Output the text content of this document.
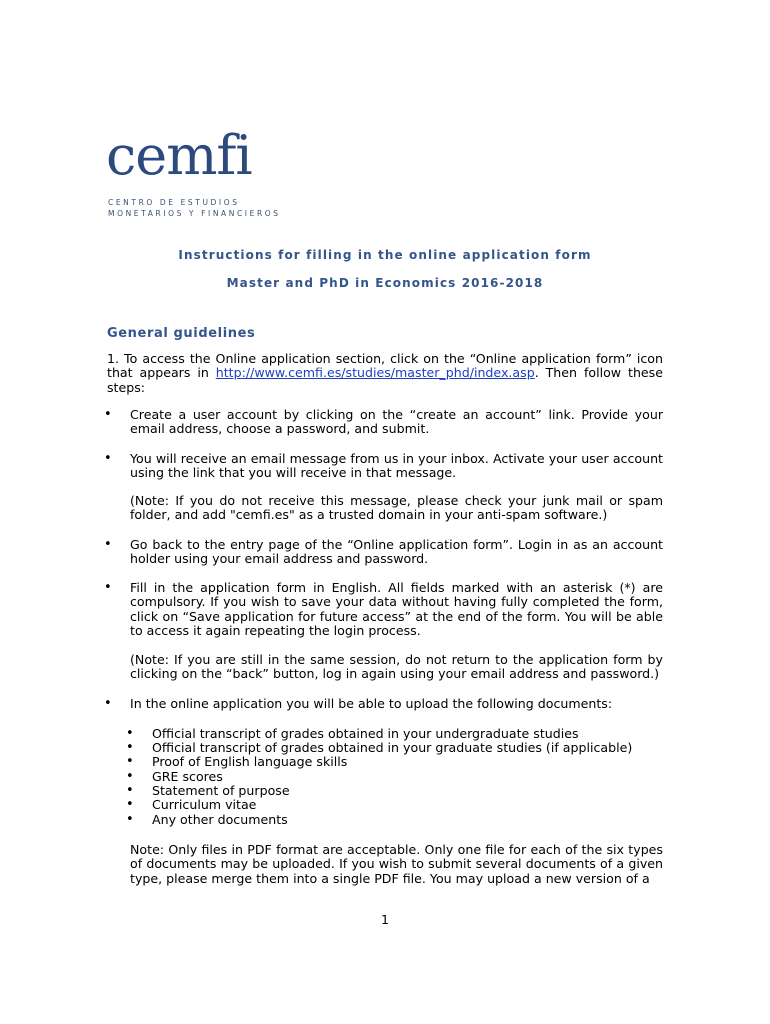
cemfi
CENTRO DE ESTUDIOS
MONETARIOS Y FINANCIEROS
Instructions for filling in the online application form
Master and PhD in Economics 2016-2018
General guidelines
1. To access the Online application section, click on the “Online application form” icon that appears in http://www.cemfi.es/studies/master_phd/index.asp. Then follow these steps:
• Create a user account by clicking on the “create an account” link. Provide your email address, choose a password, and submit.
• You will receive an email message from us in your inbox. Activate your user account using the link that you will receive in that message.
(Note: If you do not receive this message, please check your junk mail or spam folder, and add "cemfi.es" as a trusted domain in your anti-spam software.)
• Go back to the entry page of the “Online application form”. Login in as an account holder using your email address and password.
• Fill in the application form in English. All fields marked with an asterisk (*) are compulsory. If you wish to save your data without having fully completed the form, click on “Save application for future access” at the end of the form. You will be able to access it again repeating the login process.
(Note: If you are still in the same session, do not return to the application form by clicking on the “back” button, log in again using your email address and password.)
• In the online application you will be able to upload the following documents:
• Official transcript of grades obtained in your undergraduate studies
• Official transcript of grades obtained in your graduate studies (if applicable)
• Proof of English language skills
• GRE scores
• Statement of purpose
• Curriculum vitae
• Any other documents
Note: Only files in PDF format are acceptable. Only one file for each of the six types of documents may be uploaded. If you wish to submit several documents of a given type, please merge them into a single PDF file. You may upload a new version of a
1
